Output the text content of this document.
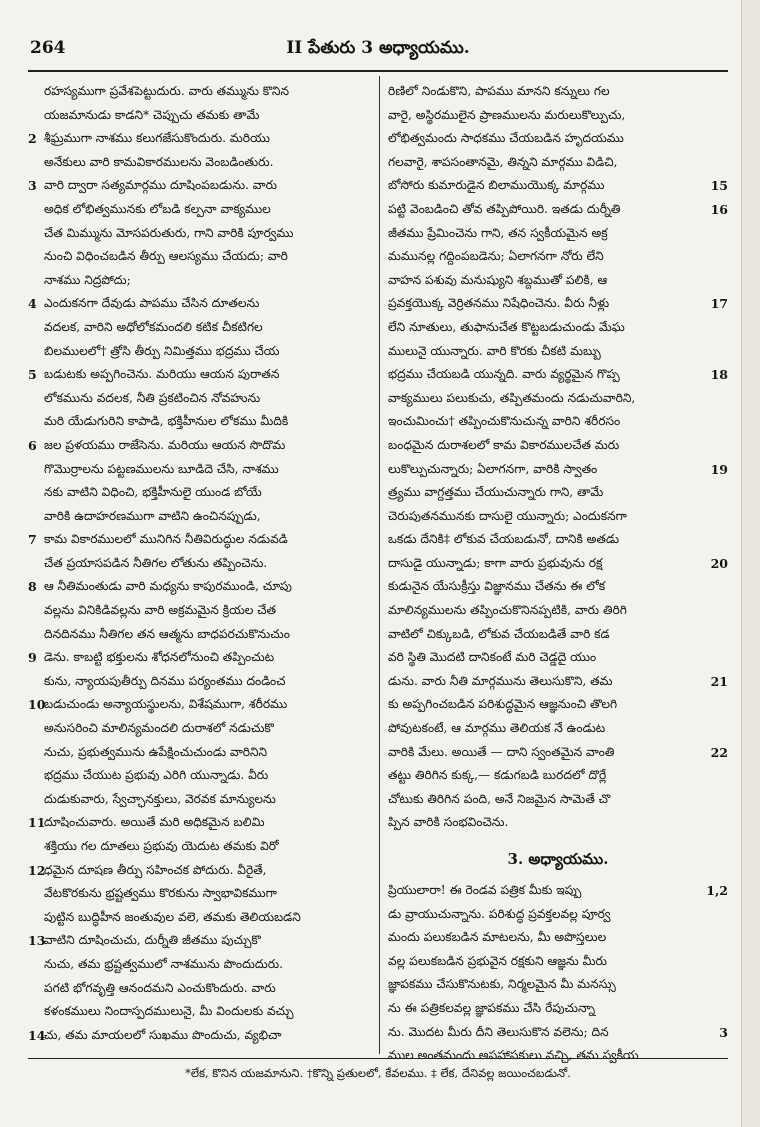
264	II పేతురు 3 అధ్యాయము.
రహస్యముగా ప్రవేశపెట్టుదురు. వారు తమ్మును కొనిన
యజమానుడు కాడని* చెప్పుచు తమకు తామే
శీఘ్రముగా నాశము కలుగజేసుకొందురు. మరియు
2
అనేకులు వారి కామవికారములను వెంబడింతురు.
వారి ద్వారా సత్యమార్గము దూషింపబడును. వారు
3
అధిక లోభిత్వమునకు లోబడి కల్పనా వాక్యముల
చేత మిమ్మును మోసపరుతురు, గాని వారికి పూర్వము
నుంచి విధించబడిన తీర్పు ఆలస్యము చేయదు; వారి
నాశము నిద్రపోదు;
ఎందుకనగా దేవుడు పాపము చేసిన దూతలను
4
వదలక, వారిని అధోలోకమందలి కటిక చీకటిగల
బిలములలో† త్రోసి తీర్పు నిమిత్తము భద్రము చేయ
బడుటకు అప్పగించెను. మరియు ఆయన పురాతన
5
లోకమును వదలక, నీతి ప్రకటించిన నోవహును
మరి యేడుగురిని కాపాడి, భక్తిహీనుల లోకము మీదికి
జల ప్రళయము రాజేసెను. మరియు ఆయన సొదొమ
6
గొమొర్రాలను పట్టణములను బూడిదె చేసి, నాశము
నకు వాటిని విధించి, భక్తిహీనులై యుండ బోయే
వారికి ఉదాహరణముగా వాటిని ఉంచినప్పుడు,
కామ వికారములలో మునిగిన నీతివిరుద్ధుల నడువడి
7
చేత ప్రయాసపడిన నీతిగల లోతును తప్పించెను.
ఆ నీతిమంతుడు వారి మధ్యను కాపురముండి, చూపు
8
వల్లను వినికిడివల్లను వారి అక్రమమైన క్రియల చేత
దినదినము నీతిగల తన ఆత్మను బాధపరచుకొనుచుం
డెను. కాబట్టి భక్తులను శోధనలోనుంచి తప్పించుట
9
కును, న్యాయపుతీర్పు దినము పర్యంతము దండించ
బడుచుండు అన్యాయస్థులను, విశేషముగా, శరీరము
10
అనుసరించి మాలిన్యమందలి దురాశలో నడుచుకొ
నుచు, ప్రభుత్వమును ఉపేక్షించుచుండు వారినిని
భద్రము చేయుట ప్రభువు ఎరిగి యున్నాడు. వీరు
దుడుకువారు, స్వేచ్ఛానక్తులు, వెరవక మాన్యులను
దూషించువారు. అయితే మరి అధికమైన బలిమి
11
శక్తియు గల దూతలు ప్రభువు యెదుట తమకు విరో
ధమైన దూషణ తీర్పు సహించక పోదురు. వీరైతే,
12
వేటకొరకును భ్రష్టత్వము కొరకును స్వాభావికముగా
పుట్టిన బుద్ధిహీన జంతువుల వలె, తమకు తెలియబడని
వాటిని దూషించుచు, దుర్నీతి జీతము పుచ్చుకొ
13
నుచు, తమ భ్రష్టత్వములో నాశమును పొందుదురు.
పగటి భోగవృత్తి ఆనందమని ఎంచుకొందురు. వారు
కళంకములు నిందాస్పదములునై, మీ విందులకు వచ్చు
చు, తమ మాయలలో సుఖము పొందుచు, వ్యభిచా
14
రిణిలో నిండుకొని, పాపము మానని కన్నులు గల
వారై, అస్థిరములైన ప్రాణములను మరులుకొల్పుచు,
లోభిత్వమందు సాధకము చేయబడిన హృదయము
గలవారై, శాపసంతానమై, తిన్నని మార్గము విడిచి,
బోసోరు కుమారుడైన బిలాముయొక్క మార్గము	15
పట్టి వెంబడించి తోవ తప్పిపోయిరి. ఇతడు దుర్నీతి	16
జీతము ప్రేమించెను గాని, తన స్వకీయమైన అక్ర
మమునల్ల గద్దింపబడెను; ఏలాగనగా నోరు లేని
వాహన పశువు మనుష్యుని శబ్దముతో పలికి, ఆ
ప్రవక్తయొక్క వెర్రితనము నిషేధించెను. వీరు నీళ్లు	17
లేని నూతులు, తుఫానుచేత కొట్టబడుచుండు మేఘ
ములునై యున్నారు. వారి కొరకు చీకటి మబ్బు
భద్రము చేయబడి యున్నది. వారు వ్యర్థమైన గొప్ప	18
వాక్యములు పలుకుచు, తప్పితమందు నడుచువారిని,
ఇంచుమించు† తప్పించుకొనుచున్న వారిని శరీరసం
బంధమైన దురాశలలో కామ వికారములచేత మరు
లుకొల్పుచున్నారు; ఏలాగనగా, వారికి స్వాతం	19
త్ర్యము వాగ్దత్తము చేయుచున్నారు గాని, తామే
చెరుపుతనమునకు దాసులై యున్నారు; ఎందుకనగా
ఒకడు దేనికి‡ లోకువ చేయబడునో, దానికి అతడు
దాసుడై యున్నాడు; కాగా వారు ప్రభువును రక్ష	20
కుడునైన యేసుక్రీస్తు విజ్ఞానము చేతను ఈ లోక
మాలిన్యములను తప్పించుకొనినప్పటికి, వారు తిరిగి
వాటిలో చిక్కుబడి, లోకువ చేయబడితే వారి కడ
వరి స్థితి మొదటి దానికంటే మరి చెడ్డదై యుం
డును. వారు నీతి మార్గమును తెలుసుకొని, తమ	21
కు అప్పగించబడిన పరిశుద్ధమైన ఆజ్ఞనుంచి తొలగి
పోవుటకంటే, ఆ మార్గము తెలియక నే ఉండుట
వారికి మేలు. అయితే — దాని స్వంతమైన వాంతి	22
తట్టు తిరిగిన కుక్క,— కడుగబడి బురదలో దొర్లే
చోటుకు తిరిగిన పంది, అనే నిజమైన సామెతే చొ
ప్పిన వారికి సంభవించెను.
3. అధ్యాయము.
ప్రియులారా! ఈ రెండవ పత్రిక మీకు ఇప్పు	1,2
డు వ్రాయుచున్నాను. పరిశుద్ధ ప్రవక్తలవల్ల పూర్వ
మందు పలుకబడిన మాటలను, మీ అపొస్తలుల
వల్ల పలుకబడిన ప్రభువైన రక్షకుని ఆజ్ఞను మీరు
జ్ఞాపకము చేసుకొనుటకు, నిర్మలమైన మీ మనస్సు
ను ఈ పత్రికలవల్ల జ్ఞాపకము చేసి రేపుచున్నా
ను. మొదట మీరు దీని తెలుసుకొన వలెను; దిన	3
ముల అంతమందు అపహాసకులు వచ్చి, తమ స్వకీయ
*లేక, కొనిన యజమానుని. †కొన్ని ప్రతులలో, కేవలము. ‡ లేక, దేనివల్ల జయించబడునో.
